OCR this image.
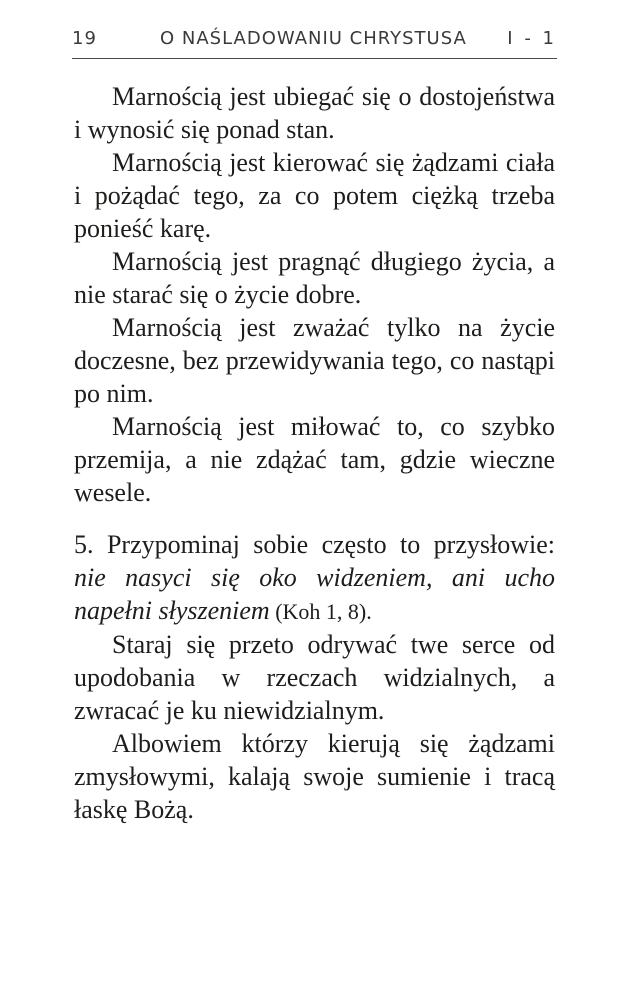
19	O NAŚLADOWANIU CHRYSTUSA I - 1

Marnością jest ubiegać się o dostojeństwa i wynosić się ponad stan.

Marnością jest kierować się żądzami ciała i pożądać tego, za co potem ciężką trzeba ponieść karę.

Marnością jest pragnąć długiego życia, a nie starać się o życie dobre.

Marnością jest zważać tylko na życie doczesne, bez przewidywania tego, co nastąpi po nim.

Marnością jest miłować to, co szybko przemija, a nie zdążać tam, gdzie wieczne wesele.

5. Przypominaj sobie często to przysłowie: nie nasyci się oko widzeniem, ani ucho napełni słyszeniem (Koh 1, 8).

Staraj się przeto odrywać twe serce od upodobania w rzeczach widzialnych, a zwracać je ku niewidzialnym.

Albowiem którzy kierują się żądzami zmysłowymi, kalają swoje sumienie i tracą łaskę Bożą.
